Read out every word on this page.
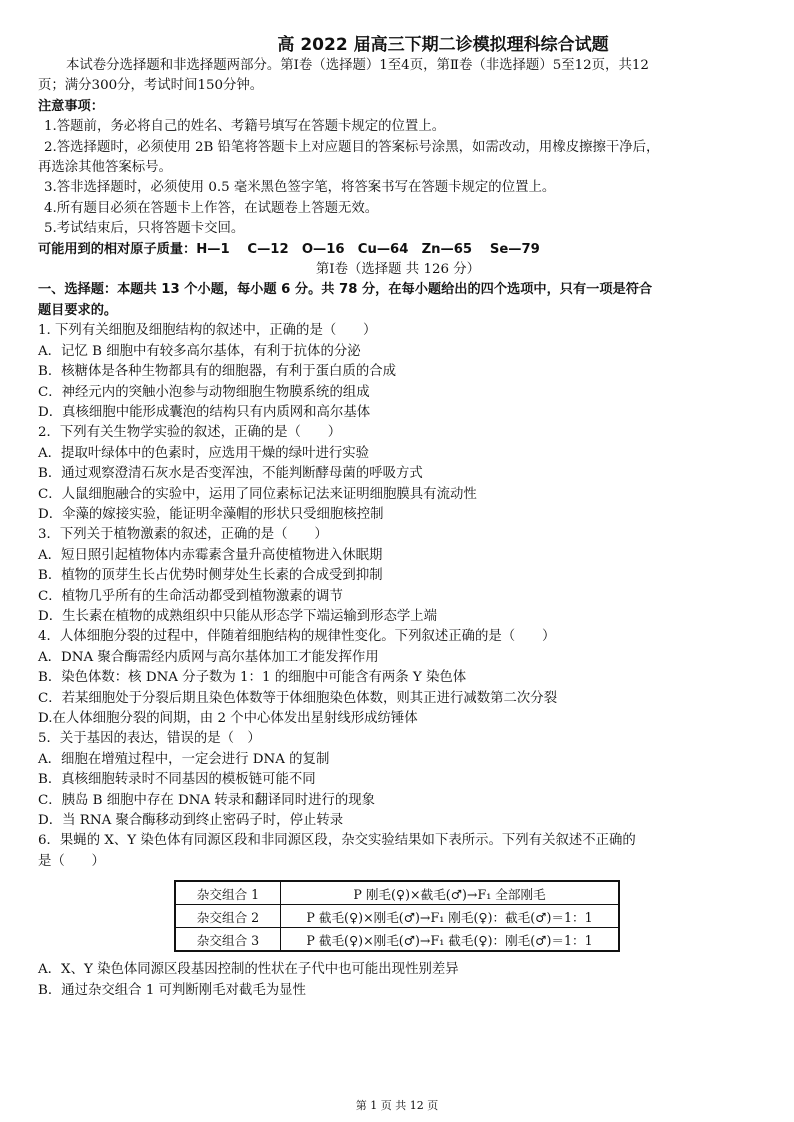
高 2022 届高三下期二诊模拟理科综合试题
本试卷分选择题和非选择题两部分。第Ⅰ卷（选择题）1至4页，第Ⅱ卷（非选择题）5至12页，共12
页；满分300分，考试时间150分钟。
注意事项：
1.答题前，务必将自己的姓名、考籍号填写在答题卡规定的位置上。
2.答选择题时，必须使用 2B 铅笔将答题卡上对应题目的答案标号涂黑，如需改动，用橡皮擦擦干净后，
再选涂其他答案标号。
3.答非选择题时，必须使用 0.5 毫米黑色签字笔，将答案书写在答题卡规定的位置上。
4.所有题目必须在答题卡上作答，在试题卷上答题无效。
5.考试结束后，只将答题卡交回。
可能用到的相对原子质量：H—1　 C—12　O—16　Cu—64　Zn—65　 Se—79
第Ⅰ卷（选择题 共 126 分）
一、选择题：本题共 13 个小题，每小题 6 分。共 78 分，在每小题给出的四个选项中，只有一项是符合
题目要求的。
1. 下列有关细胞及细胞结构的叙述中，正确的是（　　）
A．记忆 B 细胞中有较多高尔基体，有利于抗体的分泌
B．核糖体是各种生物都具有的细胞器，有利于蛋白质的合成
C．神经元内的突触小泡参与动物细胞生物膜系统的组成
D．真核细胞中能形成囊泡的结构只有内质网和高尔基体
2．下列有关生物学实验的叙述，正确的是（　　）
A．提取叶绿体中的色素时，应选用干燥的绿叶进行实验
B．通过观察澄清石灰水是否变浑浊，不能判断酵母菌的呼吸方式
C．人鼠细胞融合的实验中，运用了同位素标记法来证明细胞膜具有流动性
D．伞藻的嫁接实验，能证明伞藻帽的形状只受细胞核控制
3．下列关于植物激素的叙述，正确的是（　　）
A．短日照引起植物体内赤霉素含量升高使植物进入休眠期
B．植物的顶芽生长占优势时侧芽处生长素的合成受到抑制
C．植物几乎所有的生命活动都受到植物激素的调节
D．生长素在植物的成熟组织中只能从形态学下端运输到形态学上端
4．人体细胞分裂的过程中，伴随着细胞结构的规律性变化。下列叙述正确的是（　　）
A．DNA 聚合酶需经内质网与高尔基体加工才能发挥作用
B．染色体数：核 DNA 分子数为 1：1 的细胞中可能含有两条 Y 染色体
C．若某细胞处于分裂后期且染色体数等于体细胞染色体数，则其正进行减数第二次分裂
D.在人体细胞分裂的间期，由 2 个中心体发出星射线形成纺锤体
5．关于基因的表达，错误的是（　）
A．细胞在增殖过程中，一定会进行 DNA 的复制
B．真核细胞转录时不同基因的模板链可能不同
C．胰岛 B 细胞中存在 DNA 转录和翻译同时进行的现象
D．当 RNA 聚合酶移动到终止密码子时，停止转录
6．果蝇的 X、Y 染色体有同源区段和非同源区段，杂交实验结果如下表所示。下列有关叙述不正确的
是（　　）
杂交组合 1	P 刚毛(♀)×截毛(♂)→F₁ 全部刚毛
杂交组合 2	P 截毛(♀)×刚毛(♂)→F₁ 刚毛(♀)：截毛(♂)＝1：1
杂交组合 3	P 截毛(♀)×刚毛(♂)→F₁ 截毛(♀)：刚毛(♂)＝1：1
A．X、Y 染色体同源区段基因控制的性状在子代中也可能出现性别差异
B．通过杂交组合 1 可判断刚毛对截毛为显性
第 1 页 共 12 页
